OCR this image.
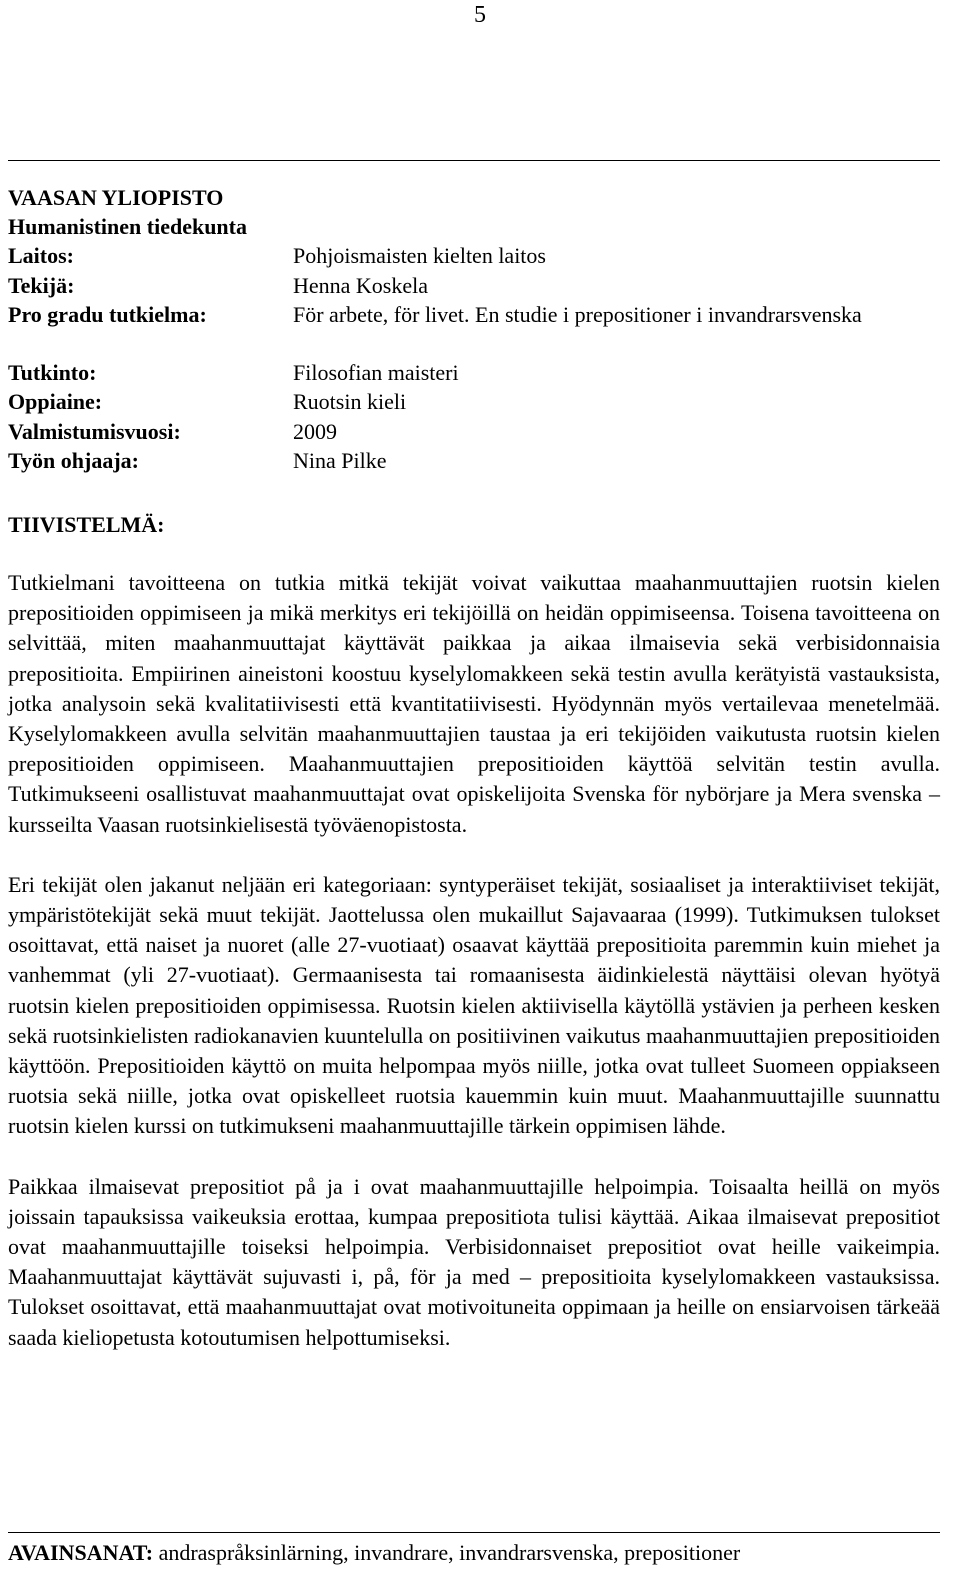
5
VAASAN YLIOPISTO
Humanistinen tiedekunta
Laitos:	Pohjoismaisten kielten laitos
Tekijä:	Henna Koskela
Pro gradu tutkielma:	För arbete, för livet. En studie i prepositioner i invandrarsvenska
Tutkinto:	Filosofian maisteri
Oppiaine:	Ruotsin kieli
Valmistumisvuosi:	2009
Työn ohjaaja:	Nina Pilke
TIIVISTELMÄ:

Tutkielmani tavoitteena on tutkia mitkä tekijät voivat vaikuttaa maahanmuuttajien ruotsin kielen prepositioiden oppimiseen ja mikä merkitys eri tekijöillä on heidän oppimiseensa. Toisena tavoitteena on selvittää, miten maahanmuuttajat käyttävät paikkaa ja aikaa ilmaisevia sekä verbisidonnaisia prepositioita. Empiirinen aineistoni koostuu kyselylomakkeen sekä testin avulla kerätyistä vastauksista, jotka analysoin sekä kvalitatiivisesti että kvantitatiivisesti. Hyödynnän myös vertailevaa menetelmää. Kyselylomakkeen avulla selvitän maahanmuuttajien taustaa ja eri tekijöiden vaikutusta ruotsin kielen prepositioiden oppimiseen. Maahanmuuttajien prepositioiden käyttöä selvitän testin avulla. Tutkimukseeni osallistuvat maahanmuuttajat ovat opiskelijoita Svenska för nybörjare ja Mera svenska – kursseilta Vaasan ruotsinkielisestä työväenopistosta.

Eri tekijät olen jakanut neljään eri kategoriaan: syntyperäiset tekijät, sosiaaliset ja interaktiiviset tekijät, ympäristötekijät sekä muut tekijät. Jaottelussa olen mukaillut Sajavaaraa (1999). Tutkimuksen tulokset osoittavat, että naiset ja nuoret (alle 27-vuotiaat) osaavat käyttää prepositioita paremmin kuin miehet ja vanhemmat (yli 27-vuotiaat). Germaanisesta tai romaanisesta äidinkielestä näyttäisi olevan hyötyä ruotsin kielen prepositioiden oppimisessa. Ruotsin kielen aktiivisella käytöllä ystävien ja perheen kesken sekä ruotsinkielisten radiokanavien kuuntelulla on positiivinen vaikutus maahanmuuttajien prepositioiden käyttöön. Prepositioiden käyttö on muita helpompaa myös niille, jotka ovat tulleet Suomeen oppiakseen ruotsia sekä niille, jotka ovat opiskelleet ruotsia kauemmin kuin muut. Maahanmuuttajille suunnattu ruotsin kielen kurssi on tutkimukseni maahanmuuttajille tärkein oppimisen lähde.

Paikkaa ilmaisevat prepositiot på ja i ovat maahanmuuttajille helpoimpia. Toisaalta heillä on myös joissain tapauksissa vaikeuksia erottaa, kumpaa prepositiota tulisi käyttää. Aikaa ilmaisevat prepositiot ovat maahanmuuttajille toiseksi helpoimpia. Verbisidonnaiset prepositiot ovat heille vaikeimpia. Maahanmuuttajat käyttävät sujuvasti i, på, för ja med – prepositioita kyselylomakkeen vastauksissa. Tulokset osoittavat, että maahanmuuttajat ovat motivoituneita oppimaan ja heille on ensiarvoisen tärkeää saada kieliopetusta kotoutumisen helpottumiseksi.

AVAINSANAT: andraspråksinlärning, invandrare, invandrarsvenska, prepositioner
